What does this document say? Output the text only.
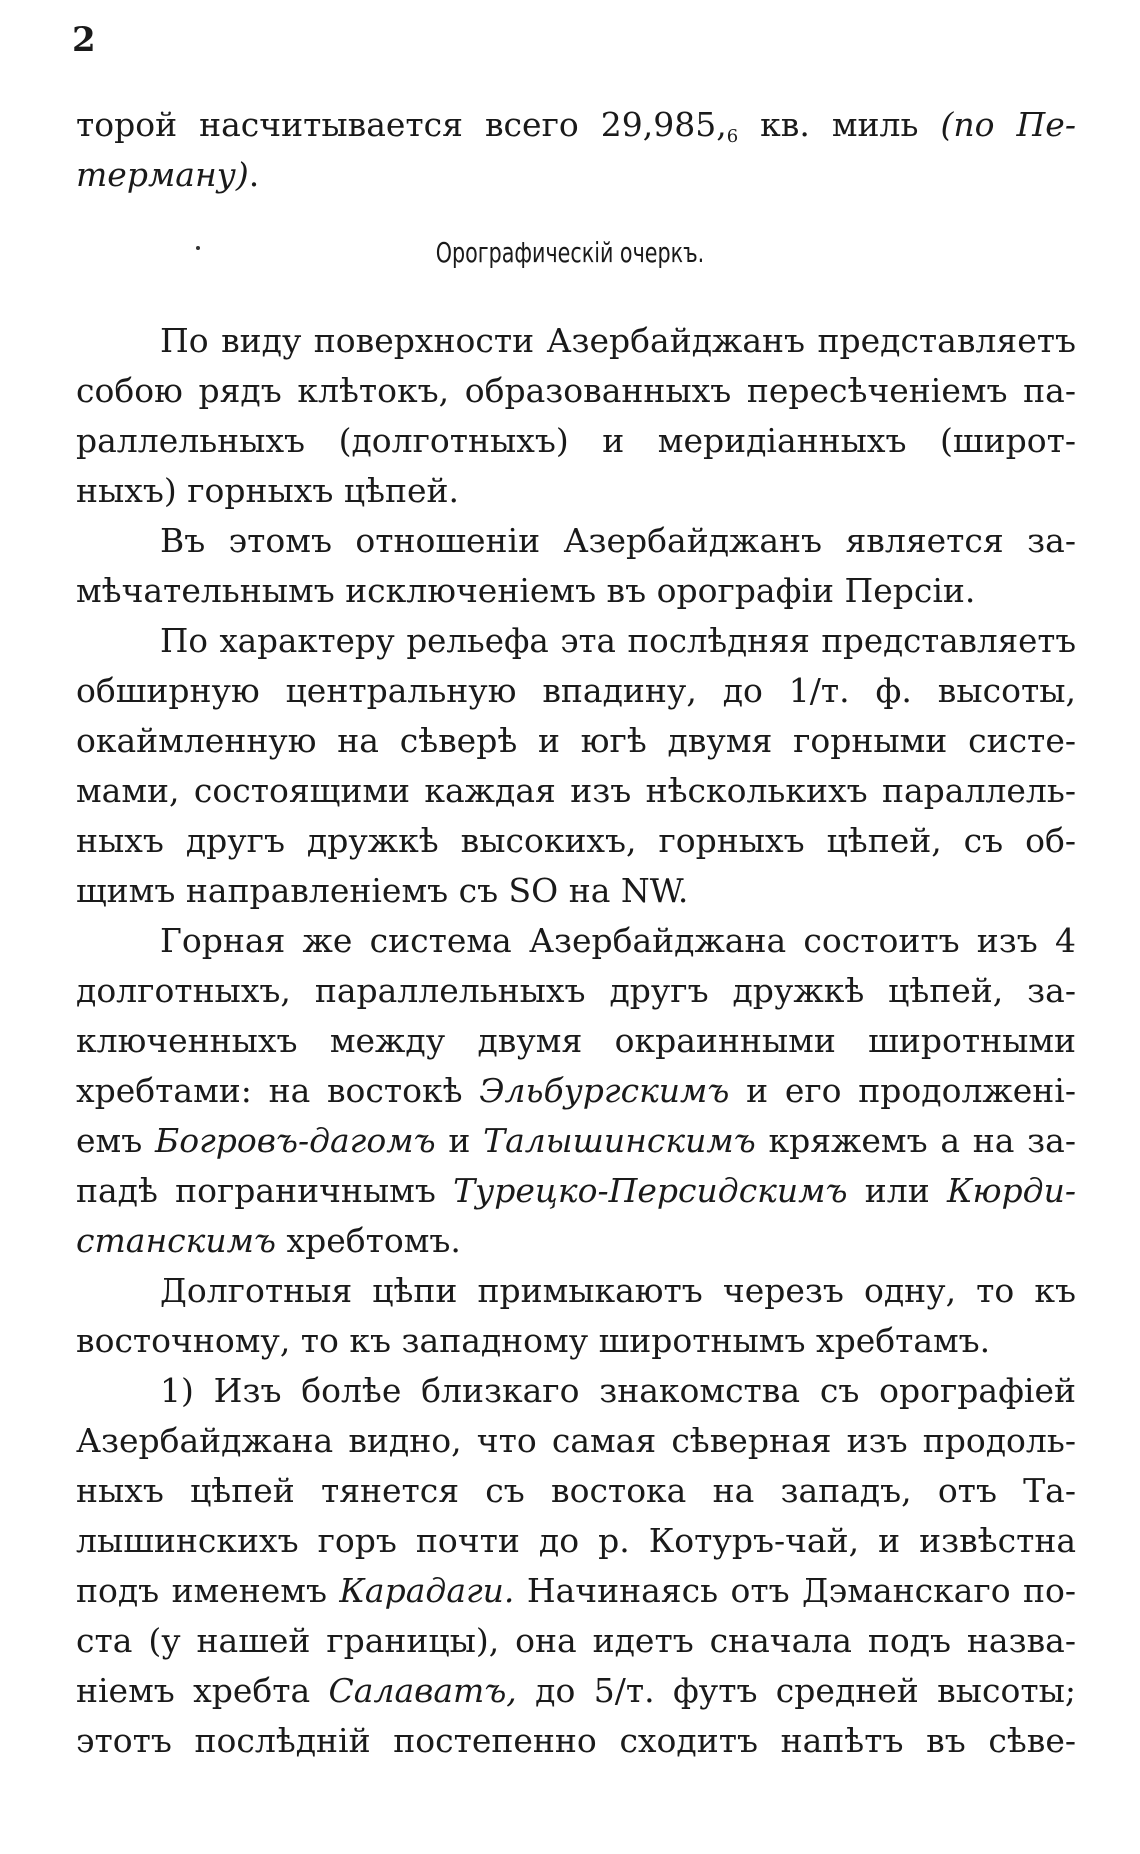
2
торой насчитывается всего $29,985,_6$ кв. миль (по Пе-
терману).
Орографическій очеркъ.
По виду поверхности Азербайджанъ представляетъ
собою рядъ клѣтокъ, образованныхъ пересѣченіемъ па-
раллельныхъ (долготныхъ) и меридіанныхъ (широт-
ныхъ) горныхъ цѣпей.
Въ этомъ отношеніи Азербайджанъ является за-
мѣчательнымъ исключеніемъ въ орографіи Персіи.
По характеру рельефа эта послѣдняя представляетъ
обширную центральную впадину, до 1/т. ф. высоты,
окаймленную на сѣверѣ и югѣ двумя горными систе-
мами, состоящими каждая изъ нѣсколькихъ параллель-
ныхъ другъ дружкѣ высокихъ, горныхъ цѣпей, съ об-
щимъ направленіемъ съ SO на NW.
Горная же система Азербайджана состоитъ изъ 4
долготныхъ, параллельныхъ другъ дружкѣ цѣпей, за-
ключенныхъ между двумя окраинными широтными
хребтами: на востокѣ Эльбургскимъ и его продолженi-
емъ Богровъ-дагомъ и Талышинскимъ кряжемъ а на за-
падѣ пограничнымъ Турецко-Персидскимъ или Кюрди-
станскимъ хребтомъ.
Долготныя цѣпи примыкаютъ черезъ одну, то къ
восточному, то къ западному широтнымъ хребтамъ.
1) Изъ болѣе близкаго знакомства съ орографiей
Азербайджана видно, что самая сѣверная изъ продоль-
ныхъ цѣпей тянется съ востока на западъ, отъ Та-
лышинскихъ горъ почти до р. Котуръ-чай, и извѣстна
подъ именемъ Карадаги. Начинаясь отъ Дэманскаго по-
ста (у нашей границы), она идетъ сначала подъ назва-
нiемъ хребта Салаватъ, до 5/т. футъ средней высоты;
этотъ послѣднiй постепенно сходитъ напѣтъ въ сѣве-
